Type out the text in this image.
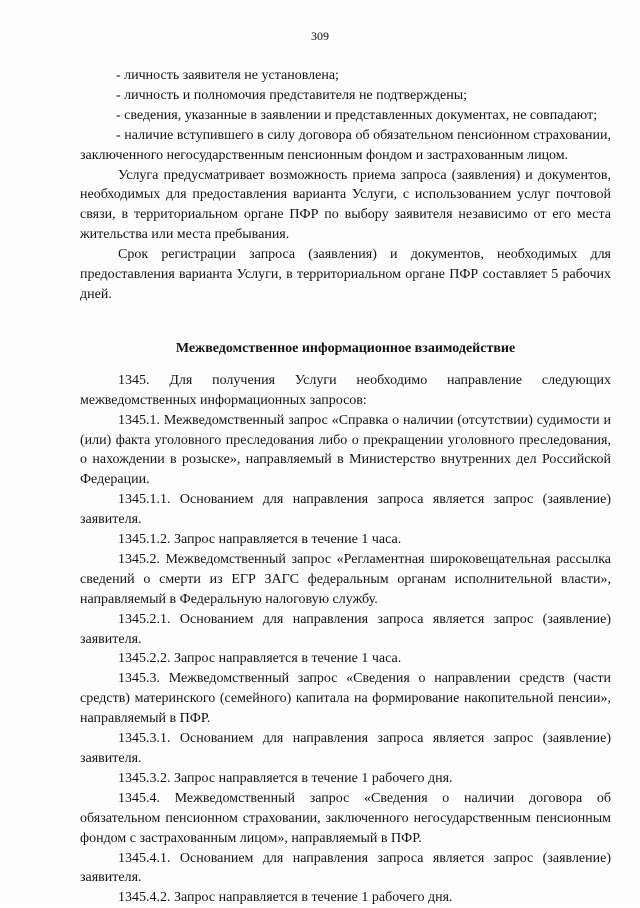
309

- личность заявителя не установлена;

- личность и полномочия представителя не подтверждены;

- сведения, указанные в заявлении и представленных документах, не совпадают;

- наличие вступившего в силу договора об обязательном пенсионном страховании, заключенного негосударственным пенсионным фондом и застрахованным лицом.

Услуга предусматривает возможность приема запроса (заявления) и документов, необходимых для предоставления варианта Услуги, с использованием услуг почтовой связи, в территориальном органе ПФР по выбору заявителя независимо от его места жительства или места пребывания.

Срок регистрации запроса (заявления) и документов, необходимых для предоставления варианта Услуги, в территориальном органе ПФР составляет 5 рабочих дней.

Межведомственное информационное взаимодействие

1345. Для получения Услуги необходимо направление следующих межведомственных информационных запросов:

1345.1. Межведомственный запрос «Справка о наличии (отсутствии) судимости и (или) факта уголовного преследования либо о прекращении уголовного преследования, о нахождении в розыске», направляемый в Министерство внутренних дел Российской Федерации.

1345.1.1. Основанием для направления запроса является запрос (заявление) заявителя.

1345.1.2. Запрос направляется в течение 1 часа.

1345.2. Межведомственный запрос «Регламентная широковещательная рассылка сведений о смерти из ЕГР ЗАГС федеральным органам исполнительной власти», направляемый в Федеральную налоговую службу.

1345.2.1. Основанием для направления запроса является запрос (заявление) заявителя.

1345.2.2. Запрос направляется в течение 1 часа.

1345.3. Межведомственный запрос «Сведения о направлении средств (части средств) материнского (семейного) капитала на формирование накопительной пенсии», направляемый в ПФР.

1345.3.1. Основанием для направления запроса является запрос (заявление) заявителя.

1345.3.2. Запрос направляется в течение 1 рабочего дня.

1345.4. Межведомственный запрос «Сведения о наличии договора об обязательном пенсионном страховании, заключенного негосударственным пенсионным фондом с застрахованным лицом», направляемый в ПФР.

1345.4.1. Основанием для направления запроса является запрос (заявление) заявителя.

1345.4.2. Запрос направляется в течение 1 рабочего дня.
